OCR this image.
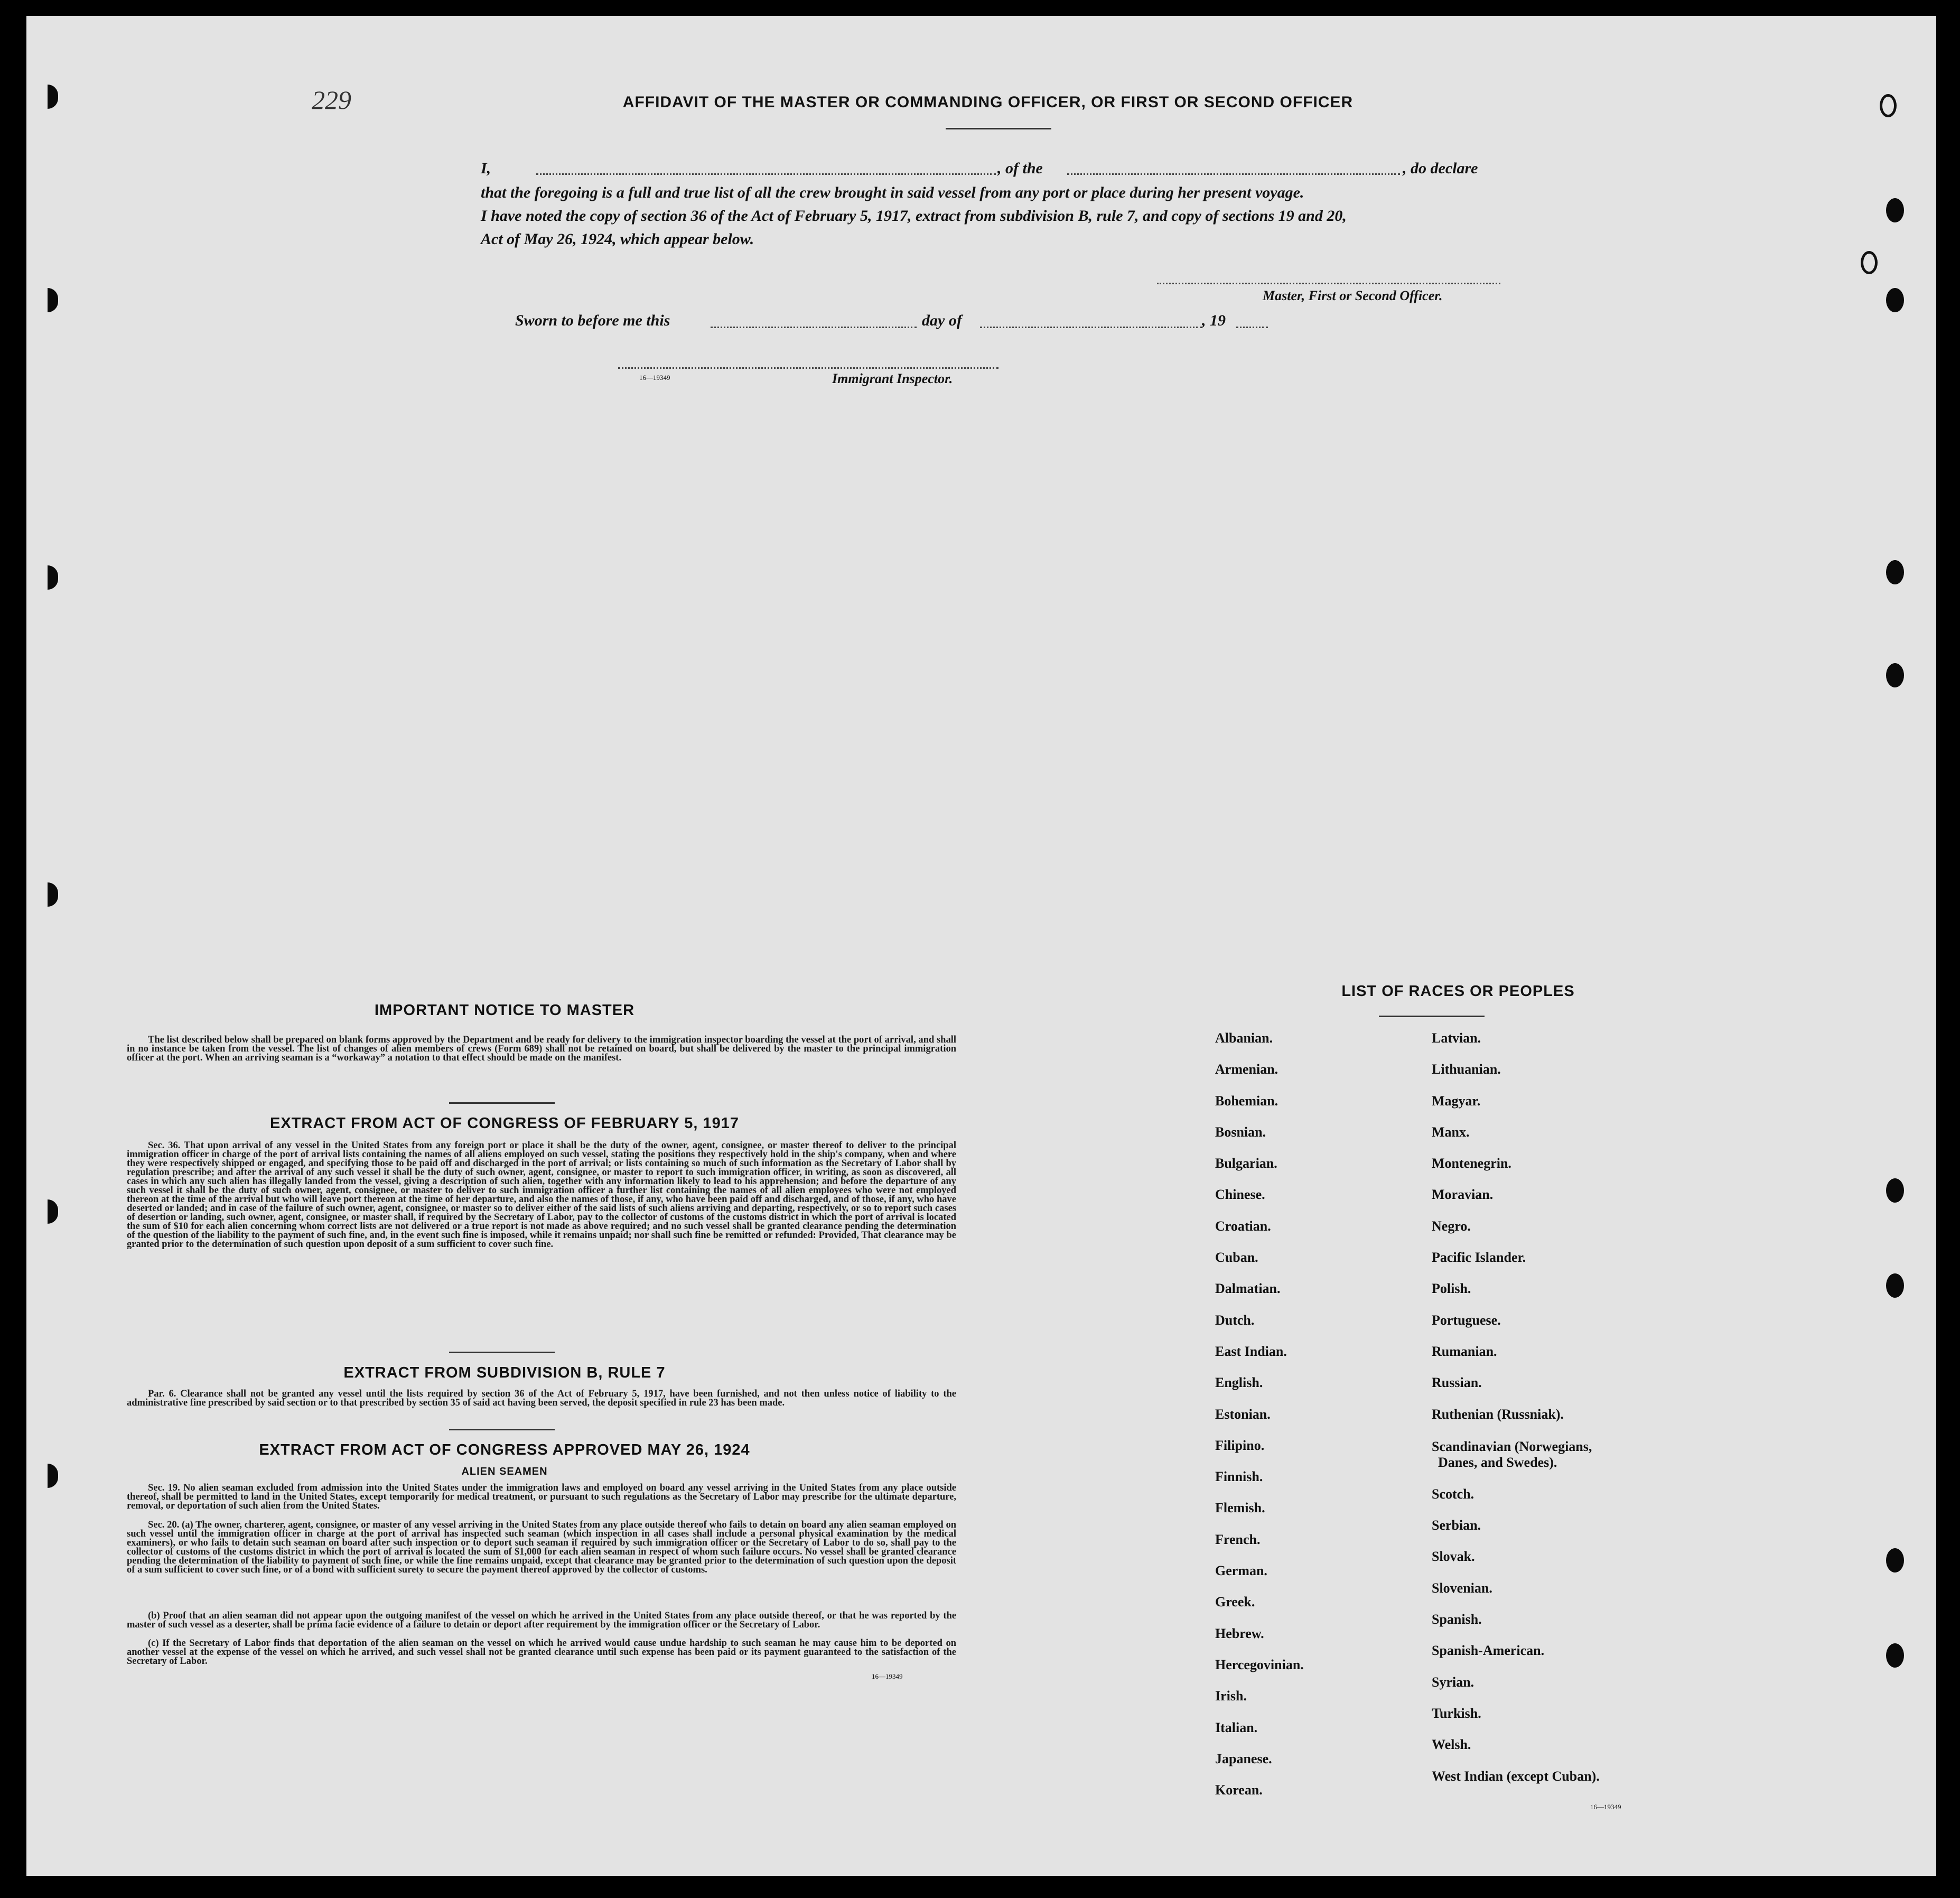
229	AFFIDAVIT OF THE MASTER OR COMMANDING OFFICER, OR FIRST OR SECOND OFFICER
I,	, of the	, do declare
that the foregoing is a full and true list of all the crew brought in said vessel from any port or place during her present voyage.
I have noted the copy of section 36 of the Act of February 5, 1917, extract from subdivision B, rule 7, and copy of sections 19 and 20,
Act of May 26, 1924, which appear below.
Master, First or Second Officer.
Sworn to before me this	day of	, 19
16—19349	Immigrant Inspector.
IMPORTANT NOTICE TO MASTER
The list described below shall be prepared on blank forms approved by the Department and be ready for delivery to the immigration inspector boarding the vessel at the port of arrival, and shall in no instance be taken from the vessel. The list of changes of alien members of crews (Form 689) shall not be retained on board, but shall be delivered by the master to the principal immigration officer at the port. When an arriving seaman is a “workaway” a notation to that effect should be made on the manifest.
EXTRACT FROM ACT OF CONGRESS OF FEBRUARY 5, 1917
Sec. 36. That upon arrival of any vessel in the United States from any foreign port or place it shall be the duty of the owner, agent, consignee, or master thereof to deliver to the principal immigration officer in charge of the port of arrival lists containing the names of all aliens employed on such vessel, stating the positions they respectively hold in the ship's company, when and where they were respectively shipped or engaged, and specifying those to be paid off and discharged in the port of arrival; or lists containing so much of such information as the Secretary of Labor shall by regulation prescribe; and after the arrival of any such vessel it shall be the duty of such owner, agent, consignee, or master to report to such immigration officer, in writing, as soon as discovered, all cases in which any such alien has illegally landed from the vessel, giving a description of such alien, together with any information likely to lead to his apprehension; and before the departure of any such vessel it shall be the duty of such owner, agent, consignee, or master to deliver to such immigration officer a further list containing the names of all alien employees who were not employed thereon at the time of the arrival but who will leave port thereon at the time of her departure, and also the names of those, if any, who have been paid off and discharged, and of those, if any, who have deserted or landed; and in case of the failure of such owner, agent, consignee, or master so to deliver either of the said lists of such aliens arriving and departing, respectively, or so to report such cases of desertion or landing, such owner, agent, consignee, or master shall, if required by the Secretary of Labor, pay to the collector of customs of the customs district in which the port of arrival is located the sum of $10 for each alien concerning whom correct lists are not delivered or a true report is not made as above required; and no such vessel shall be granted clearance pending the determination of the question of the liability to the payment of such fine, and, in the event such fine is imposed, while it remains unpaid; nor shall such fine be remitted or refunded: Provided, That clearance may be granted prior to the determination of such question upon deposit of a sum sufficient to cover such fine.
EXTRACT FROM SUBDIVISION B, RULE 7
Par. 6. Clearance shall not be granted any vessel until the lists required by section 36 of the Act of February 5, 1917, have been furnished, and not then unless notice of liability to the administrative fine prescribed by said section or to that prescribed by section 35 of said act having been served, the deposit specified in rule 23 has been made.
EXTRACT FROM ACT OF CONGRESS APPROVED MAY 26, 1924
ALIEN SEAMEN
Sec. 19. No alien seaman excluded from admission into the United States under the immigration laws and employed on board any vessel arriving in the United States from any place outside thereof, shall be permitted to land in the United States, except temporarily for medical treatment, or pursuant to such regulations as the Secretary of Labor may prescribe for the ultimate departure, removal, or deportation of such alien from the United States.
Sec. 20. (a) The owner, charterer, agent, consignee, or master of any vessel arriving in the United States from any place outside thereof who fails to detain on board any alien seaman employed on such vessel until the immigration officer in charge at the port of arrival has inspected such seaman (which inspection in all cases shall include a personal physical examination by the medical examiners), or who fails to detain such seaman on board after such inspection or to deport such seaman if required by such immigration officer or the Secretary of Labor to do so, shall pay to the collector of customs of the customs district in which the port of arrival is located the sum of $1,000 for each alien seaman in respect of whom such failure occurs. No vessel shall be granted clearance pending the determination of the liability to payment of such fine, or while the fine remains unpaid, except that clearance may be granted prior to the determination of such question upon the deposit of a sum sufficient to cover such fine, or of a bond with sufficient surety to secure the payment thereof approved by the collector of customs.
(b) Proof that an alien seaman did not appear upon the outgoing manifest of the vessel on which he arrived in the United States from any place outside thereof, or that he was reported by the master of such vessel as a deserter, shall be prima facie evidence of a failure to detain or deport after requirement by the immigration officer or the Secretary of Labor.
(c) If the Secretary of Labor finds that deportation of the alien seaman on the vessel on which he arrived would cause undue hardship to such seaman he may cause him to be deported on another vessel at the expense of the vessel on which he arrived, and such vessel shall not be granted clearance until such expense has been paid or its payment guaranteed to the satisfaction of the Secretary of Labor.
16—19349
LIST OF RACES OR PEOPLES
Albanian.
Armenian.
Bohemian.
Bosnian.
Bulgarian.
Chinese.
Croatian.
Cuban.
Dalmatian.
Dutch.
East Indian.
English.
Estonian.
Filipino.
Finnish.
Flemish.
French.
German.
Greek.
Hebrew.
Hercegovinian.
Irish.
Italian.
Japanese.
Korean.
Latvian.
Lithuanian.
Magyar.
Manx.
Montenegrin.
Moravian.
Negro.
Pacific Islander.
Polish.
Portuguese.
Rumanian.
Russian.
Ruthenian (Russniak).
Scandinavian (Norwegians,
Danes, and Swedes).
Scotch.
Serbian.
Slovak.
Slovenian.
Spanish.
Spanish-American.
Syrian.
Turkish.
Welsh.
West Indian (except Cuban).
16—19349
